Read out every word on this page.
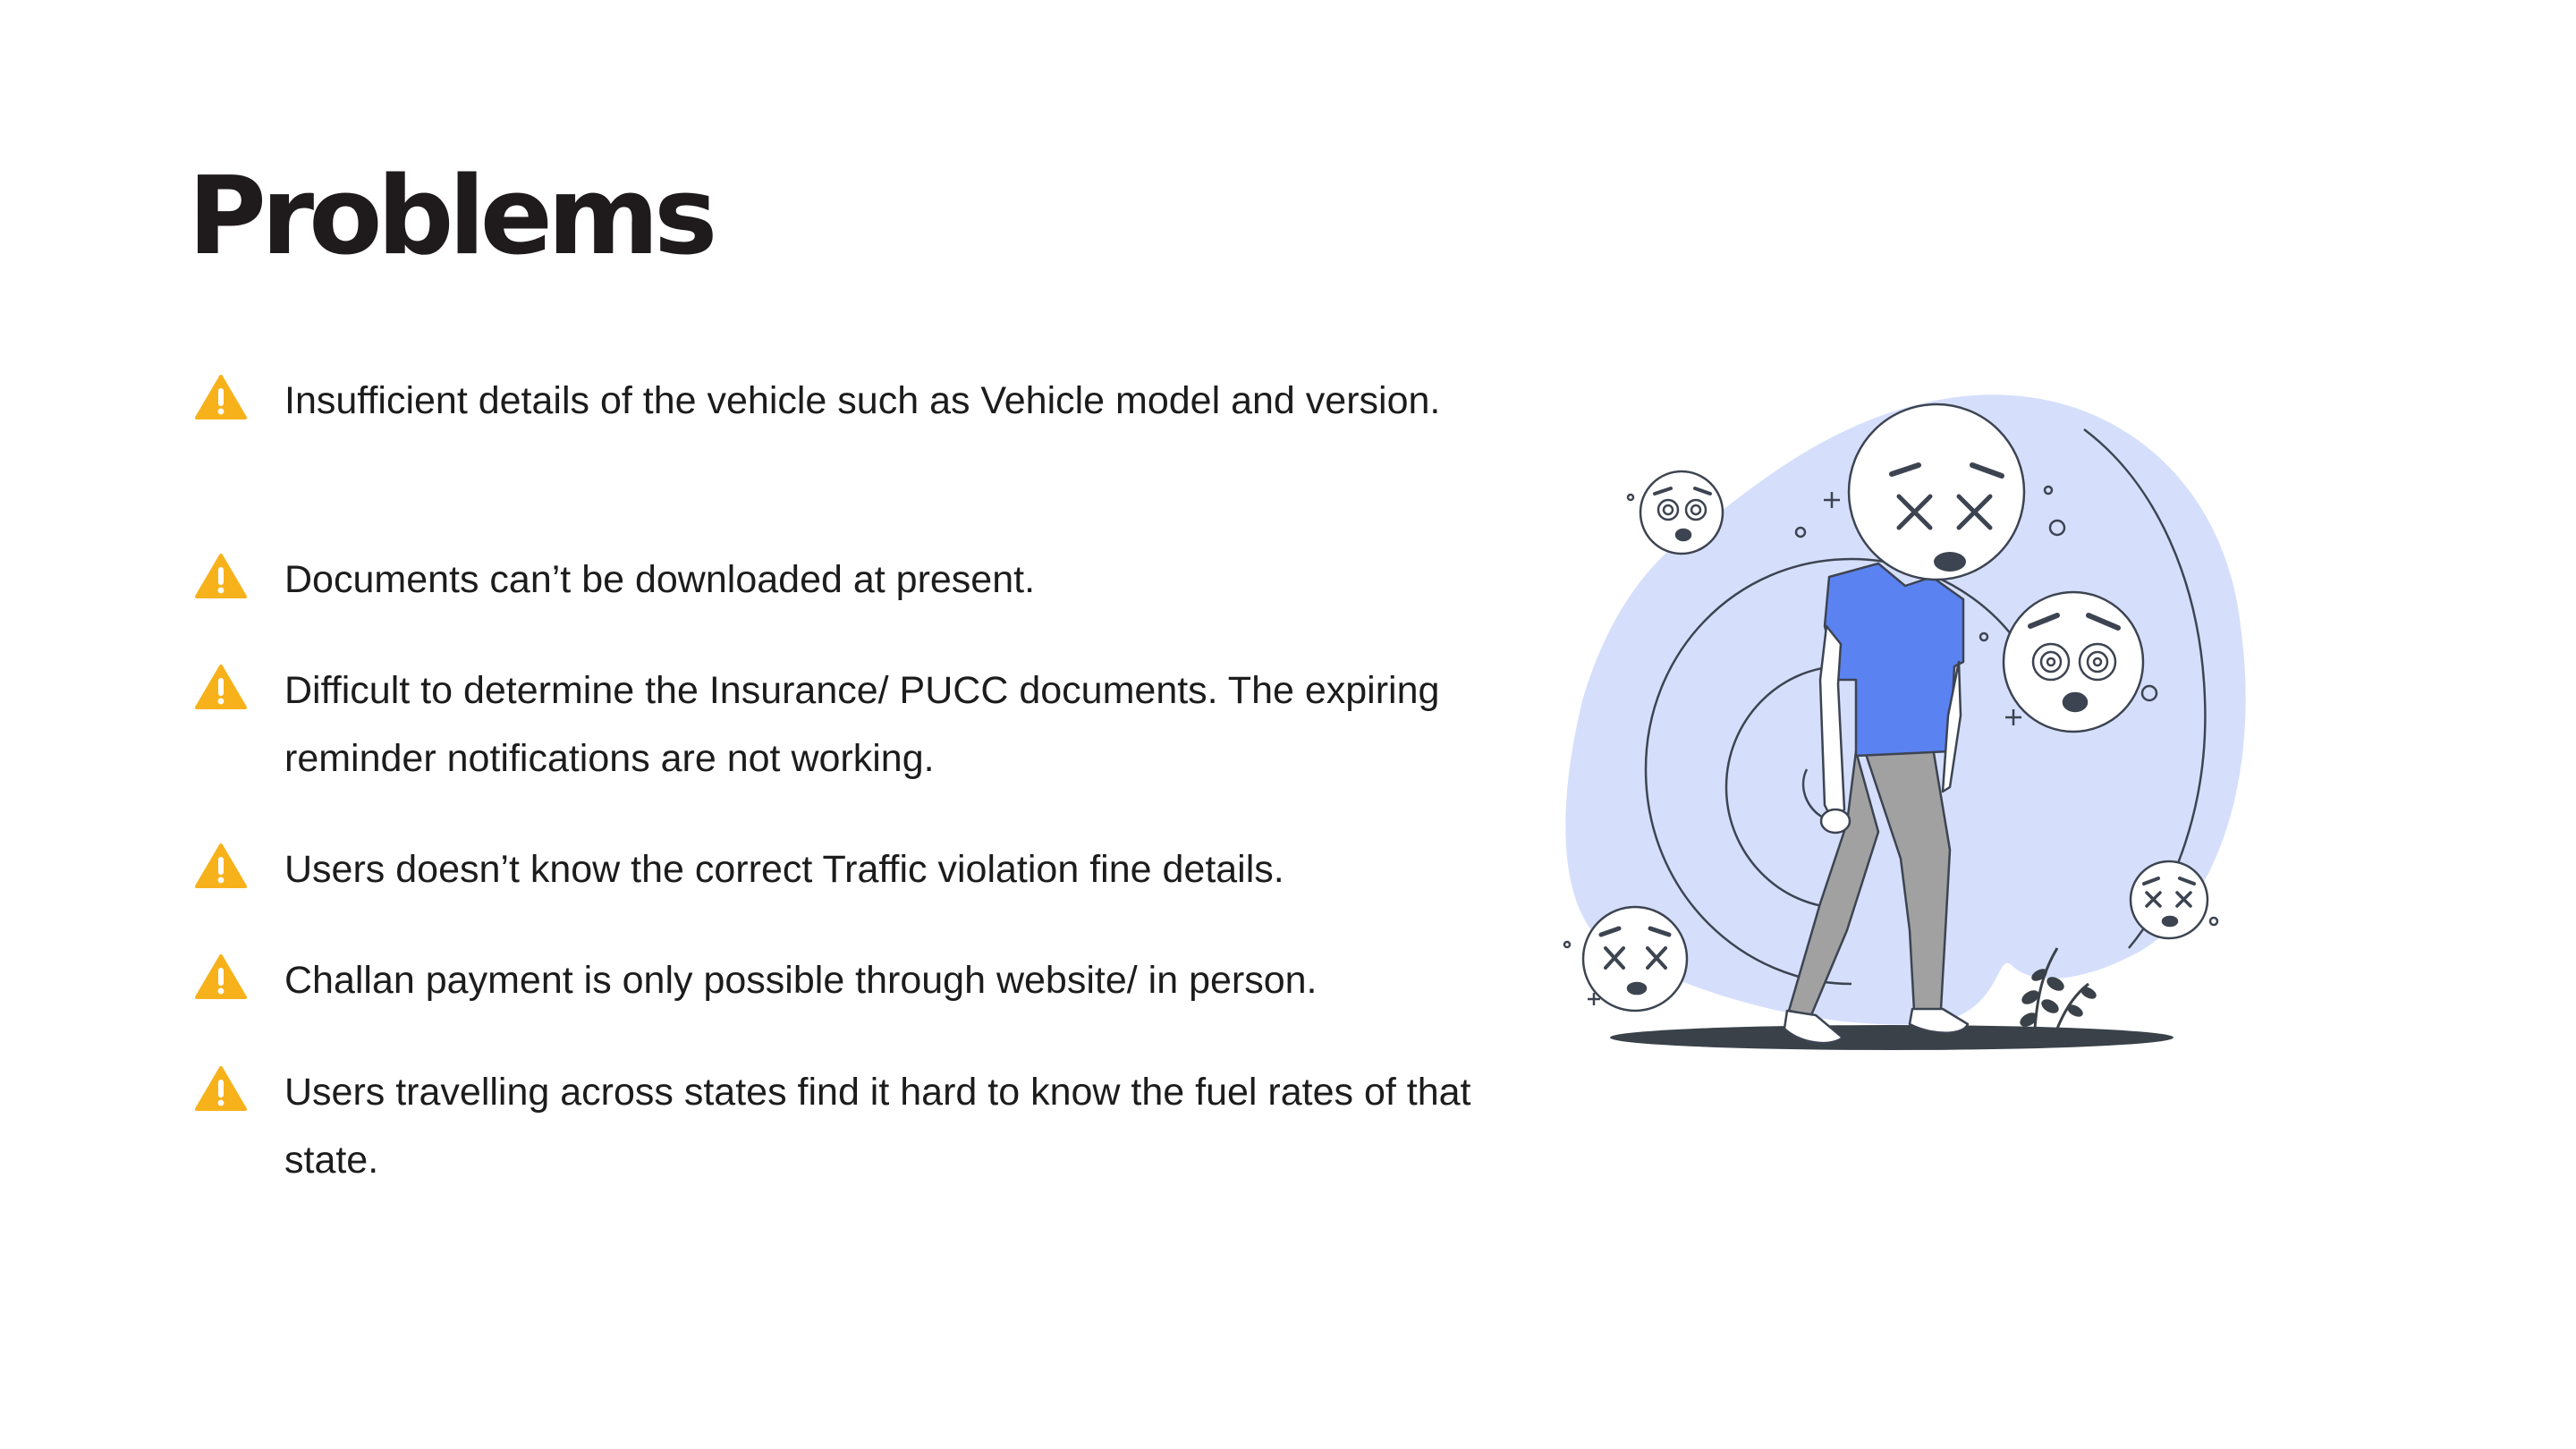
Problems

Insufficient details of the vehicle such as Vehicle model and version.

Documents can’t be downloaded at present.

Difficult to determine the Insurance/ PUCC documents. The expiring reminder notifications are not working.

Users doesn’t know the correct Traffic violation fine details.

Challan payment is only possible through website/ in person.

Users travelling across states find it hard to know the fuel rates of that state.
